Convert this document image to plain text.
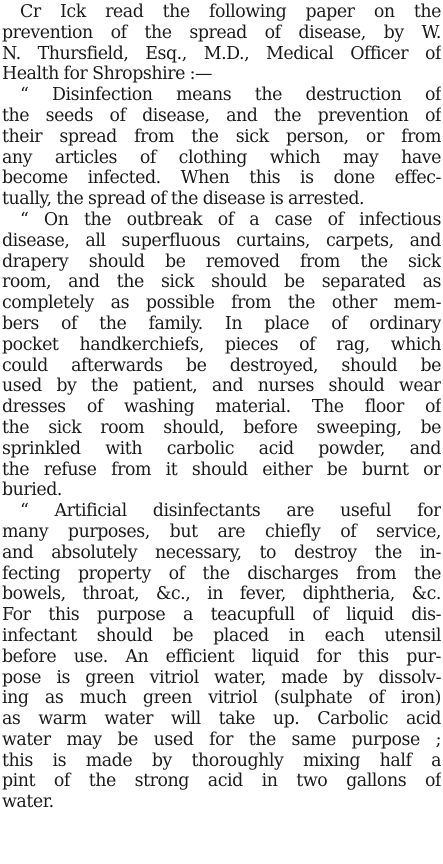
Cr Ick read the following paper on the
prevention of the spread of disease, by W.
N. Thursfield, Esq., M.D., Medical Officer of
Health for Shropshire :—
“ Disinfection means the destruction of
the seeds of disease, and the prevention of
their spread from the sick person, or from
any articles of clothing which may have
become infected. When this is done effec-
tually, the spread of the disease is arrested.
“ On the outbreak of a case of infectious
disease, all superfluous curtains, carpets, and
drapery should be removed from the sick
room, and the sick should be separated as
completely as possible from the other mem-
bers of the family. In place of ordinary
pocket handkerchiefs, pieces of rag, which
could afterwards be destroyed, should be
used by the patient, and nurses should wear
dresses of washing material. The floor of
the sick room should, before sweeping, be
sprinkled with carbolic acid powder, and
the refuse from it should either be burnt or
buried.
“ Artificial disinfectants are useful for
many purposes, but are chiefly of service,
and absolutely necessary, to destroy the in-
fecting property of the discharges from the
bowels, throat, &c., in fever, diphtheria, &c.
For this purpose a teacupfull of liquid dis-
infectant should be placed in each utensil
before use. An efficient liquid for this pur-
pose is green vitriol water, made by dissolv-
ing as much green vitriol (sulphate of iron)
as warm water will take up. Carbolic acid
water may be used for the same purpose ;
this is made by thoroughly mixing half a
pint of the strong acid in two gallons of
water.
